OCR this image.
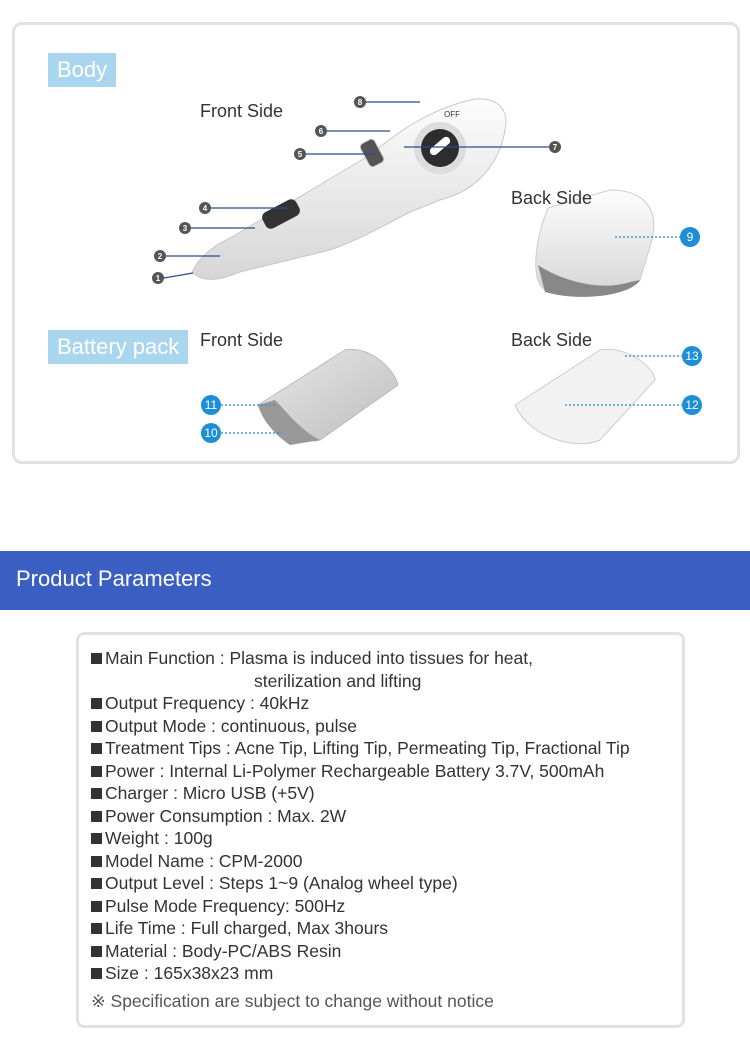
OFF
1
2
3
4
5
6
7
8
9
10
11	12
13
Body
Battery pack
Front Side
Back Side
Front Side	Back Side
Product Parameters
Main Function : Plasma is induced into tissues for heat,
sterilization and lifting
Output Frequency : 40kHz
Output Mode : continuous, pulse
Treatment Tips : Acne Tip, Lifting Tip, Permeating Tip, Fractional Tip
Power : Internal Li-Polymer Rechargeable Battery 3.7V, 500mAh
Charger : Micro USB (+5V)
Power Consumption : Max. 2W
Weight : 100g
Model Name : CPM-2000
Output Level : Steps 1~9 (Analog wheel type)
Pulse Mode Frequency: 500Hz
Life Time : Full charged, Max 3hours
Material : Body-PC/ABS Resin
Size : 165x38x23 mm
※ Specification are subject to change without notice
